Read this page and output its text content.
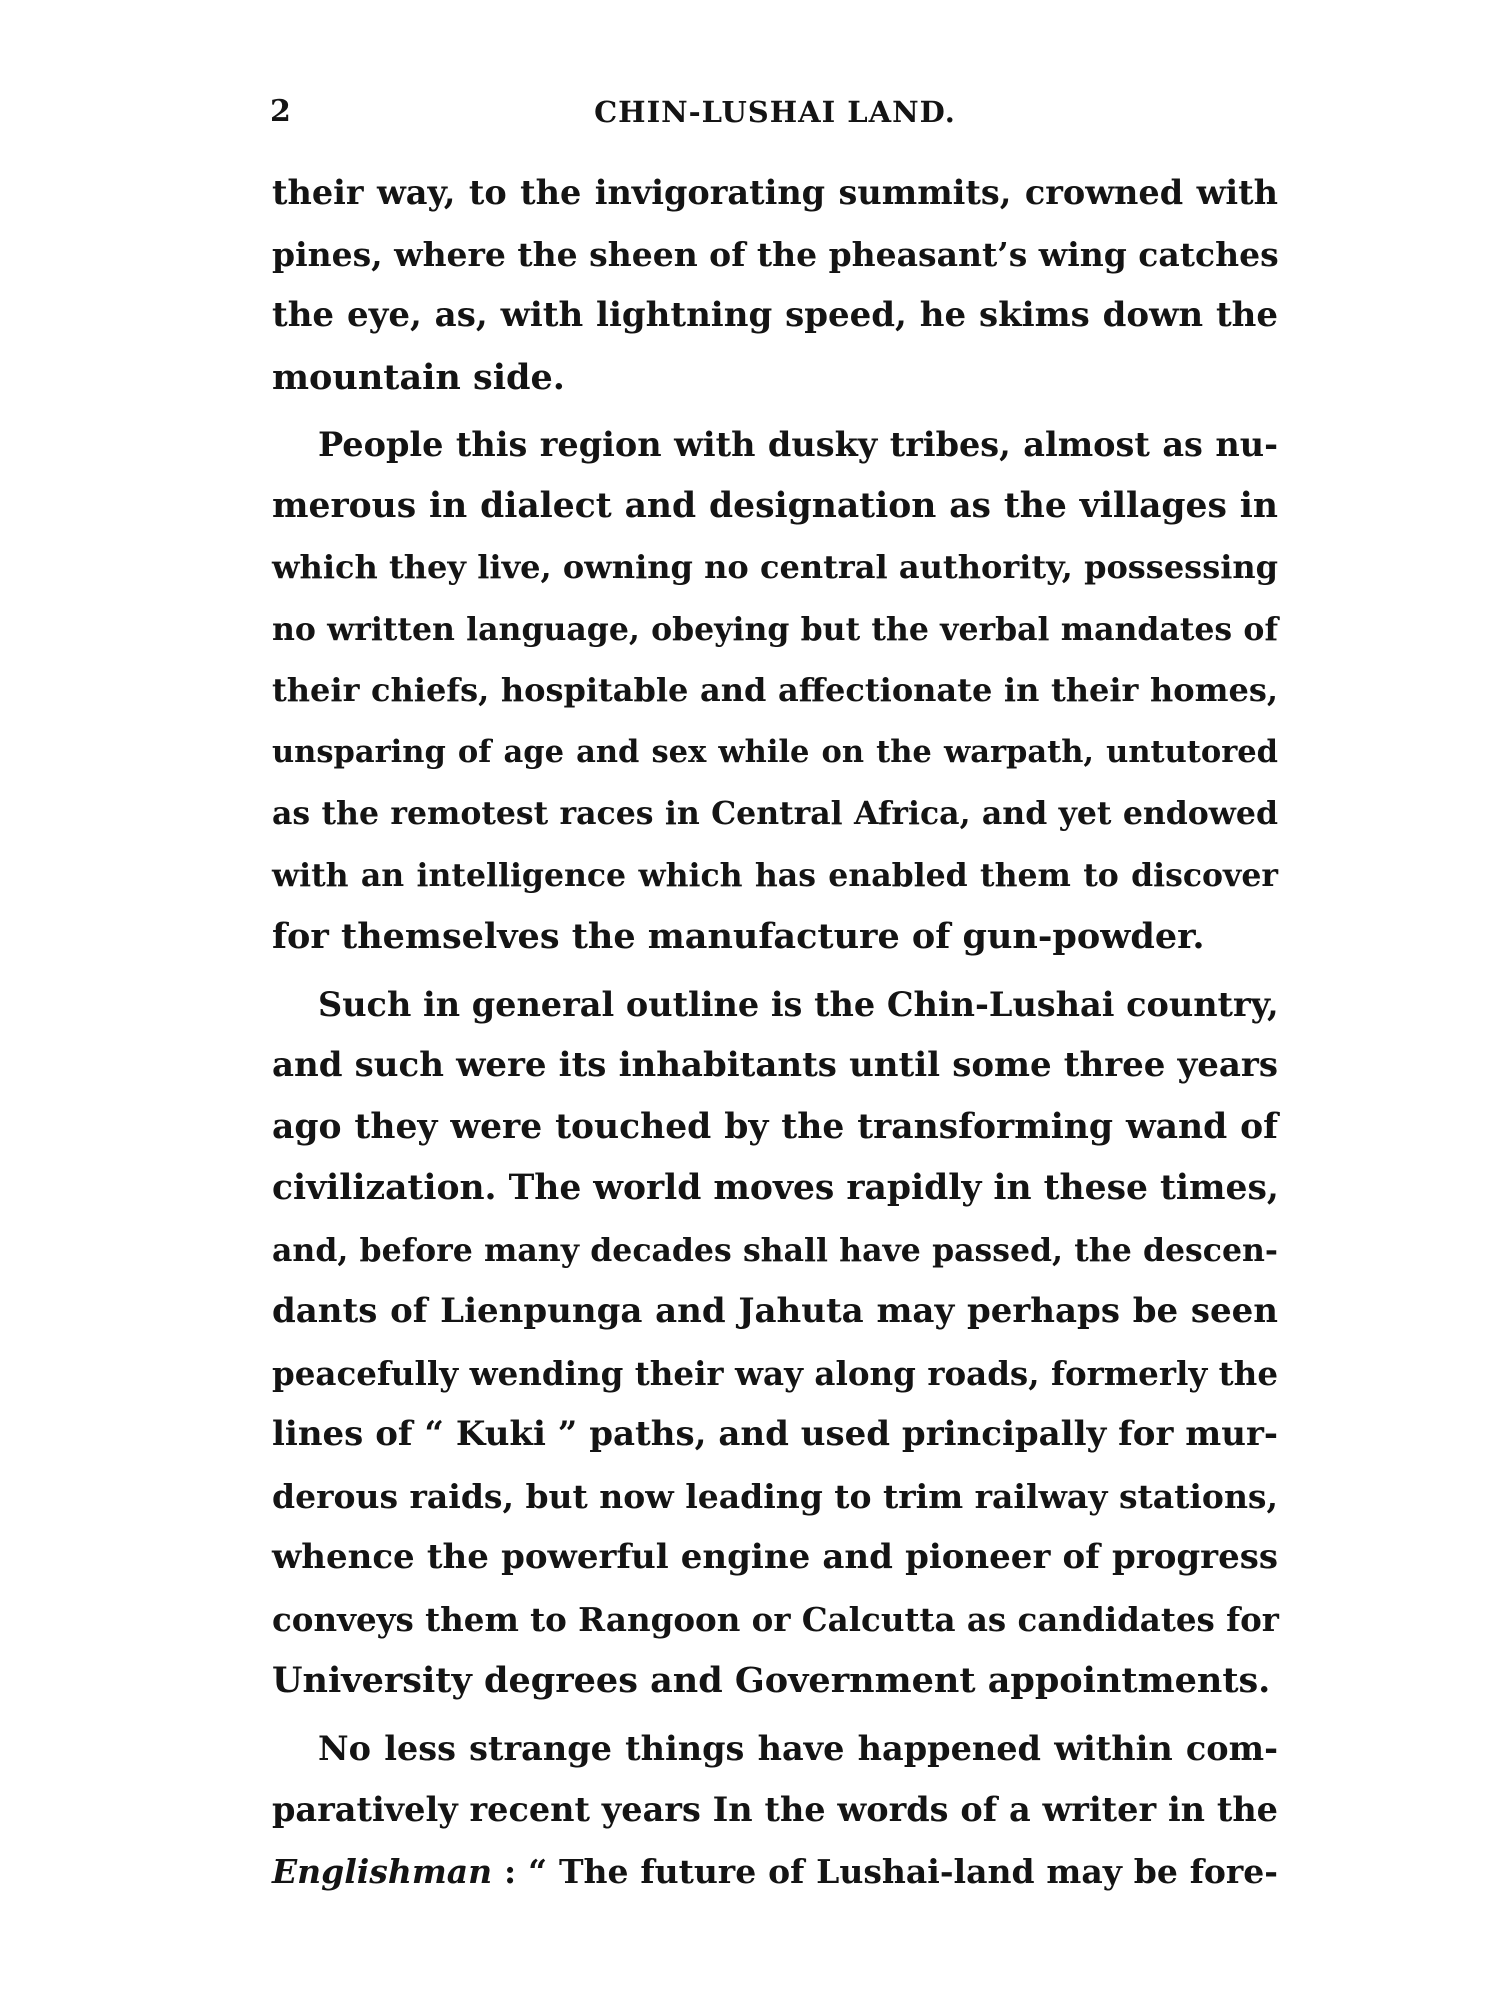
2	CHIN-LUSHAI LAND.
their way, to the invigorating summits, crowned with
pines, where the sheen of the pheasant’s wing catches
the eye, as, with lightning speed, he skims down the
mountain side.
People this region with dusky tribes, almost as nu-
merous in dialect and designation as the villages in
which they live, owning no central authority, possessing
no written language, obeying but the verbal mandates of
their chiefs, hospitable and affectionate in their homes,
unsparing of age and sex while on the warpath, untutored
as the remotest races in Central Africa, and yet endowed
with an intelligence which has enabled them to discover
for themselves the manufacture of gun-powder.
Such in general outline is the Chin-Lushai country,
and such were its inhabitants until some three years
ago they were touched by the transforming wand of
civilization. The world moves rapidly in these times,
and, before many decades shall have passed, the descen-
dants of Lienpunga and Jahuta may perhaps be seen
peacefully wending their way along roads, formerly the
lines of “ Kuki ” paths, and used principally for mur-
derous raids, but now leading to trim railway stations,
whence the powerful engine and pioneer of progress
conveys them to Rangoon or Calcutta as candidates for
University degrees and Government appointments.
No less strange things have happened within com-
paratively recent years In the words of a writer in the
Englishman : “ The future of Lushai-land may be fore-
